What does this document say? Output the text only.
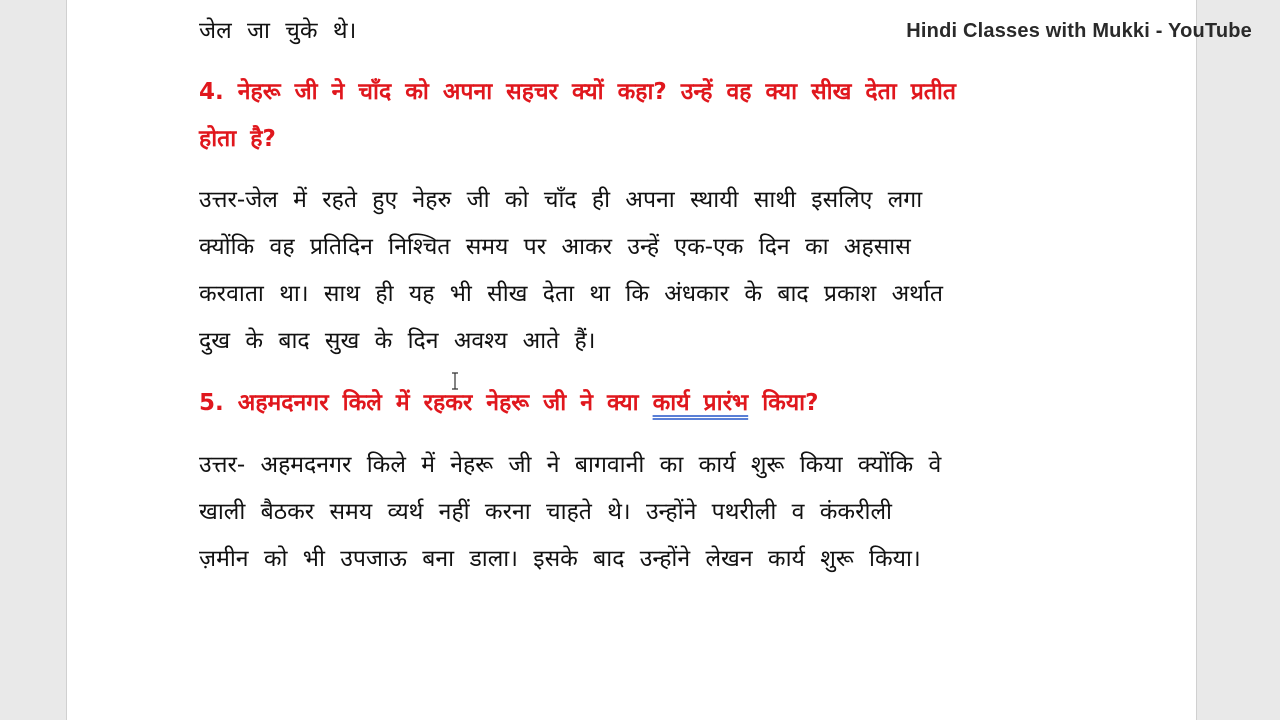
Hindi Classes with Mukki - YouTube
जेल जा चुके थे।
4. नेहरू जी ने चाँद को अपना सहचर क्यों कहा? उन्हें वह क्या सीख देता प्रतीत
होता है?
उत्तर-जेल में रहते हुए नेहरु जी को चाँद ही अपना स्थायी साथी इसलिए लगा
क्योंकि वह प्रतिदिन निश्चित समय पर आकर उन्हें एक-एक दिन का अहसास
करवाता था। साथ ही यह भी सीख देता था कि अंधकार के बाद प्रकाश अर्थात
दुख के बाद सुख के दिन अवश्य आते हैं।
5. अहमदनगर किले में रहकर नेहरू जी ने क्या कार्य प्रारंभ किया?
उत्तर- अहमदनगर किले में नेहरू जी ने बागवानी का कार्य शुरू किया क्योंकि वे
खाली बैठकर समय व्यर्थ नहीं करना चाहते थे। उन्होंने पथरीली व कंकरीली
ज़मीन को भी उपजाऊ बना डाला। इसके बाद उन्होंने लेखन कार्य शुरू किया।
